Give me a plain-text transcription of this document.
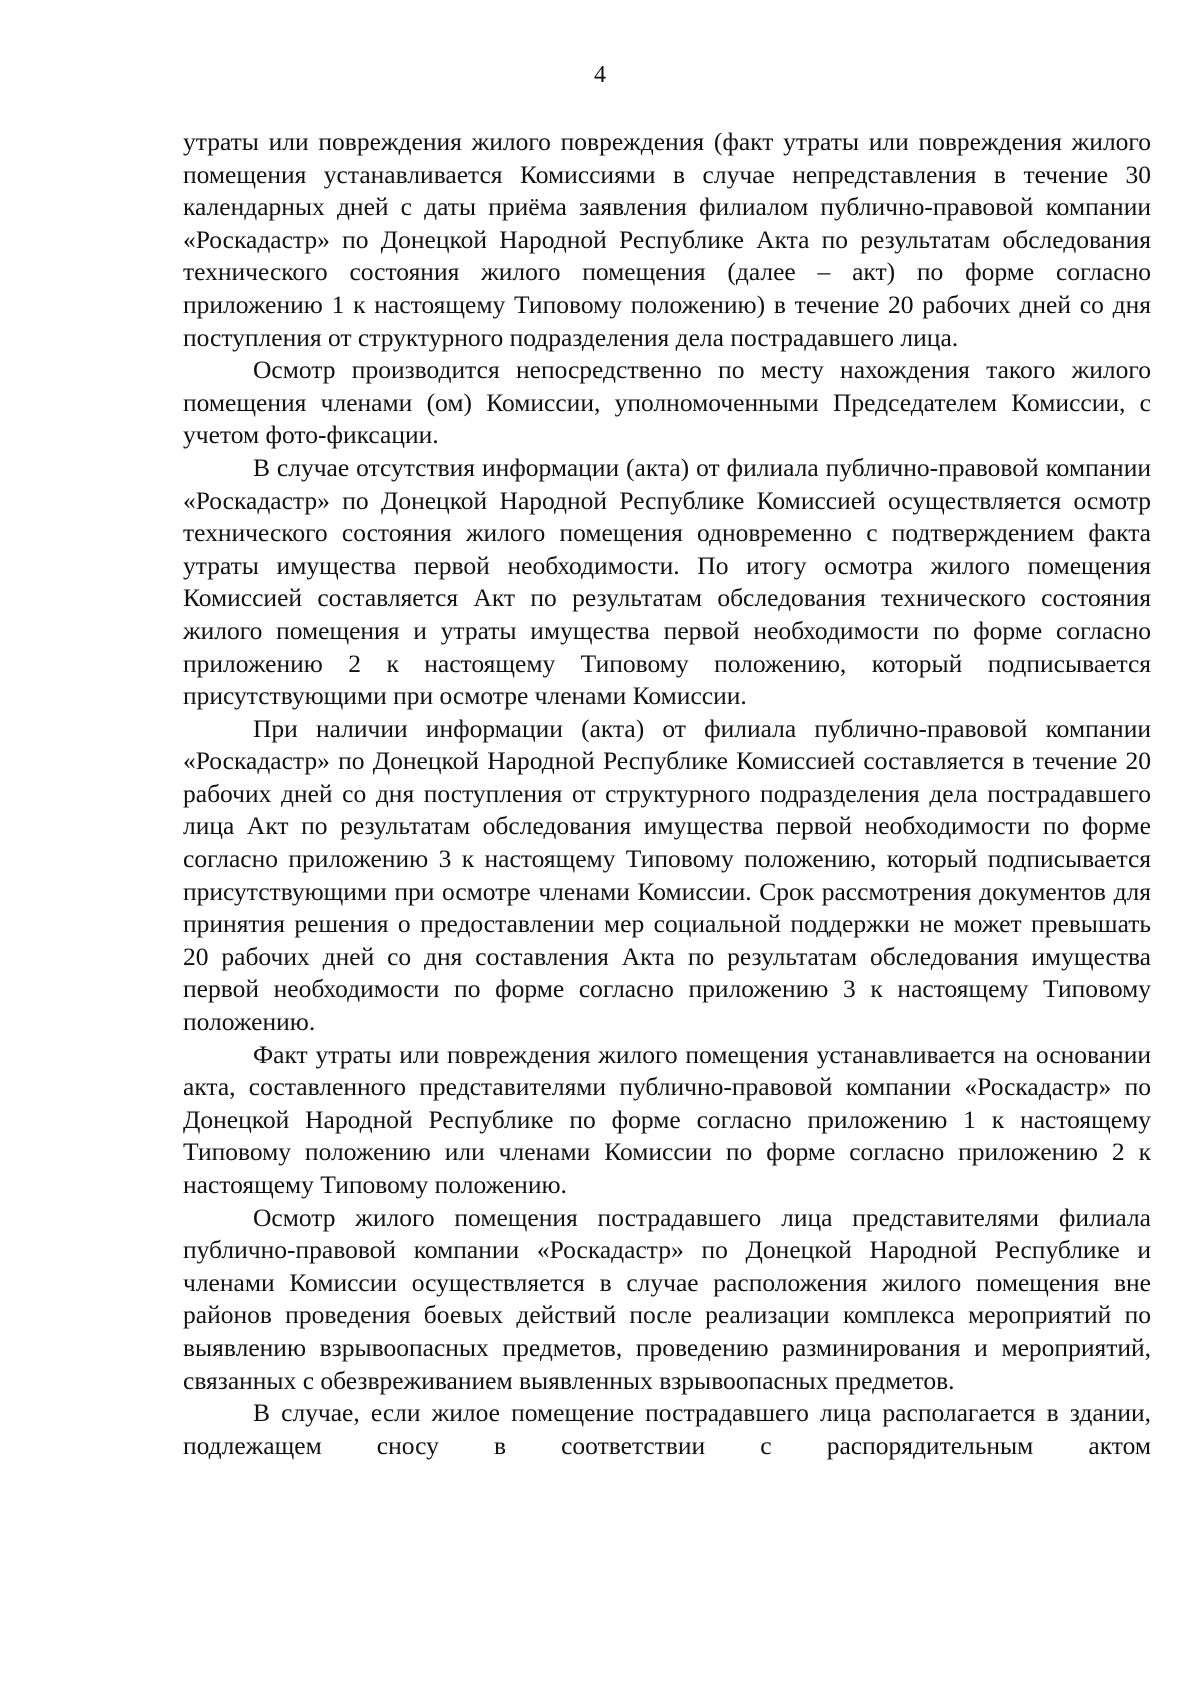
4

утраты или повреждения жилого повреждения (факт утраты или повреждения жилого помещения устанавливается Комиссиями в случае непредставления в течение 30 календарных дней с даты приёма заявления филиалом публично-правовой компании «Роскадастр» по Донецкой Народной Республике Акта по результатам обследования технического состояния жилого помещения (далее – акт) по форме согласно приложению 1 к настоящему Типовому положению) в течение 20 рабочих дней со дня поступления от структурного подразделения дела пострадавшего лица.

Осмотр производится непосредственно по месту нахождения такого жилого помещения членами (ом) Комиссии, уполномоченными Председателем Комиссии, с учетом фото-фиксации.

В случае отсутствия информации (акта) от филиала публично-правовой компании «Роскадастр» по Донецкой Народной Республике Комиссией осуществляется осмотр технического состояния жилого помещения одновременно с подтверждением факта утраты имущества первой необходимости. По итогу осмотра жилого помещения Комиссией составляется Акт по результатам обследования технического состояния жилого помещения и утраты имущества первой необходимости по форме согласно приложению 2 к настоящему Типовому положению, который подписывается присутствующими при осмотре членами Комиссии.

При наличии информации (акта) от филиала публично-правовой компании «Роскадастр» по Донецкой Народной Республике Комиссией составляется в течение 20 рабочих дней со дня поступления от структурного подразделения дела пострадавшего лица Акт по результатам обследования имущества первой необходимости по форме согласно приложению 3 к настоящему Типовому положению, который подписывается присутствующими при осмотре членами Комиссии. Срок рассмотрения документов для принятия решения о предоставлении мер социальной поддержки не может превышать 20 рабочих дней со дня составления Акта по результатам обследования имущества первой необходимости по форме согласно приложению 3 к настоящему Типовому положению.

Факт утраты или повреждения жилого помещения устанавливается на основании акта, составленного представителями публично-правовой компании «Роскадастр» по Донецкой Народной Республике по форме согласно приложению 1 к настоящему Типовому положению или членами Комиссии по форме согласно приложению 2 к настоящему Типовому положению.

Осмотр жилого помещения пострадавшего лица представителями филиала публично-правовой компании «Роскадастр» по Донецкой Народной Республике и членами Комиссии осуществляется в случае расположения жилого помещения вне районов проведения боевых действий после реализации комплекса мероприятий по выявлению взрывоопасных предметов, проведению разминирования и мероприятий, связанных с обезвреживанием выявленных взрывоопасных предметов.

В случае, если жилое помещение пострадавшего лица располагается в здании, подлежащем сносу в соответствии с распорядительным актом
